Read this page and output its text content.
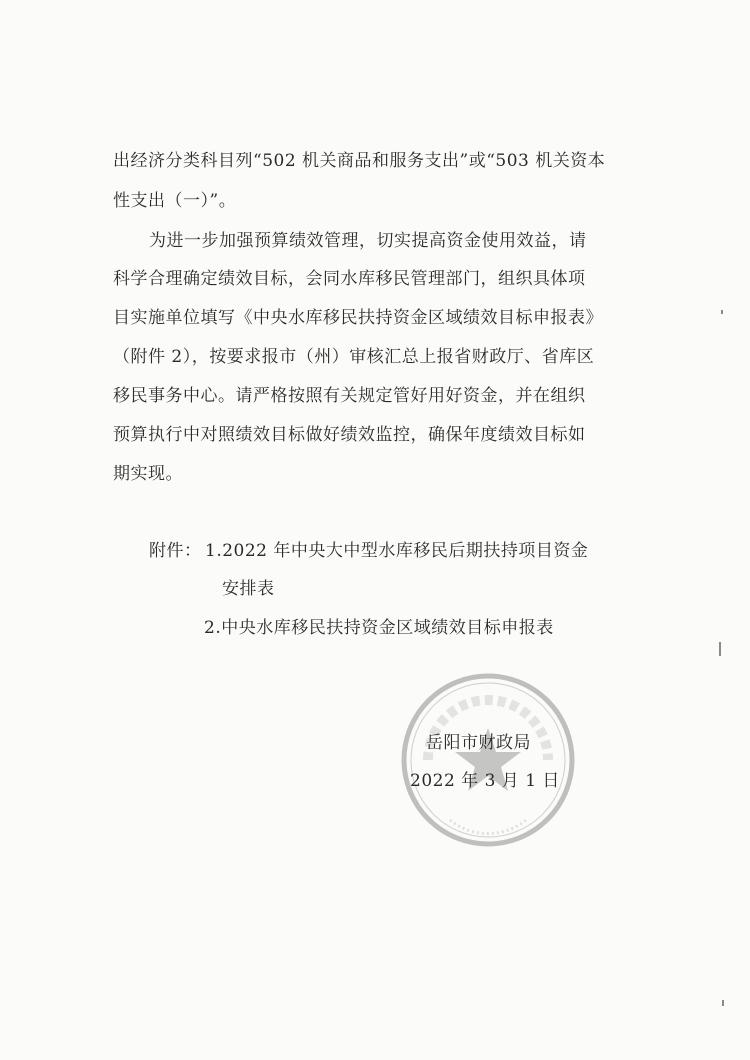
出经济分类科目列“502 机关商品和服务支出”或“503 机关资本
性支出（一）”。
为进一步加强预算绩效管理，切实提高资金使用效益，请
科学合理确定绩效目标，会同水库移民管理部门，组织具体项
目实施单位填写《中央水库移民扶持资金区域绩效目标申报表》
（附件 2），按要求报市（州）审核汇总上报省财政厅、省库区
移民事务中心。请严格按照有关规定管好用好资金，并在组织
预算执行中对照绩效目标做好绩效监控，确保年度绩效目标如
期实现。
附件： 1.2022 年中央大中型水库移民后期扶持项目资金
安排表
2.中央水库移民扶持资金区域绩效目标申报表
岳阳市财政局
2022 年 3 月 1 日
